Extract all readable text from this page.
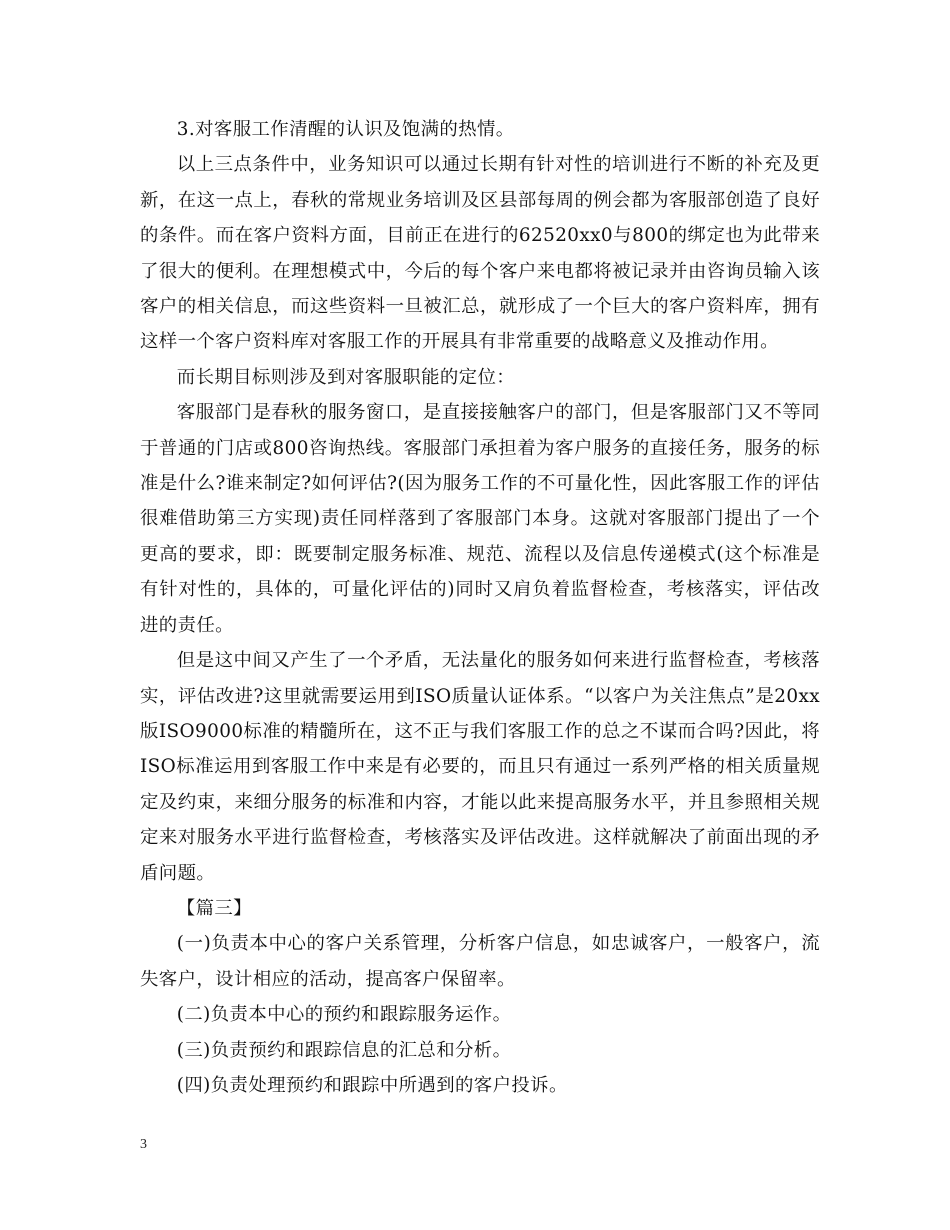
3.对客服工作清醒的认识及饱满的热情。

以上三点条件中，业务知识可以通过长期有针对性的培训进行不断的补充及更新，在这一点上，春秋的常规业务培训及区县部每周的例会都为客服部创造了良好的条件。而在客户资料方面，目前正在进行的62520xx0与800的绑定也为此带来了很大的便利。在理想模式中，今后的每个客户来电都将被记录并由咨询员输入该客户的相关信息，而这些资料一旦被汇总，就形成了一个巨大的客户资料库，拥有这样一个客户资料库对客服工作的开展具有非常重要的战略意义及推动作用。

而长期目标则涉及到对客服职能的定位：

客服部门是春秋的服务窗口，是直接接触客户的部门，但是客服部门又不等同于普通的门店或800咨询热线。客服部门承担着为客户服务的直接任务，服务的标准是什么?谁来制定?如何评估?(因为服务工作的不可量化性，因此客服工作的评估很难借助第三方实现)责任同样落到了客服部门本身。这就对客服部门提出了一个更高的要求，即：既要制定服务标准、规范、流程以及信息传递模式(这个标准是有针对性的，具体的，可量化评估的)同时又肩负着监督检查，考核落实，评估改进的责任。

但是这中间又产生了一个矛盾，无法量化的服务如何来进行监督检查，考核落实，评估改进?这里就需要运用到ISO质量认证体系。“以客户为关注焦点”是20xx版ISO9000标准的精髓所在，这不正与我们客服工作的总之不谋而合吗?因此，将ISO标准运用到客服工作中来是有必要的，而且只有通过一系列严格的相关质量规定及约束，来细分服务的标准和内容，才能以此来提高服务水平，并且参照相关规定来对服务水平进行监督检查，考核落实及评估改进。这样就解决了前面出现的矛盾问题。

【篇三】

(一)负责本中心的客户关系管理，分析客户信息，如忠诚客户，一般客户，流失客户，设计相应的活动，提高客户保留率。

(二)负责本中心的预约和跟踪服务运作。

(三)负责预约和跟踪信息的汇总和分析。

(四)负责处理预约和跟踪中所遇到的客户投诉。

3
